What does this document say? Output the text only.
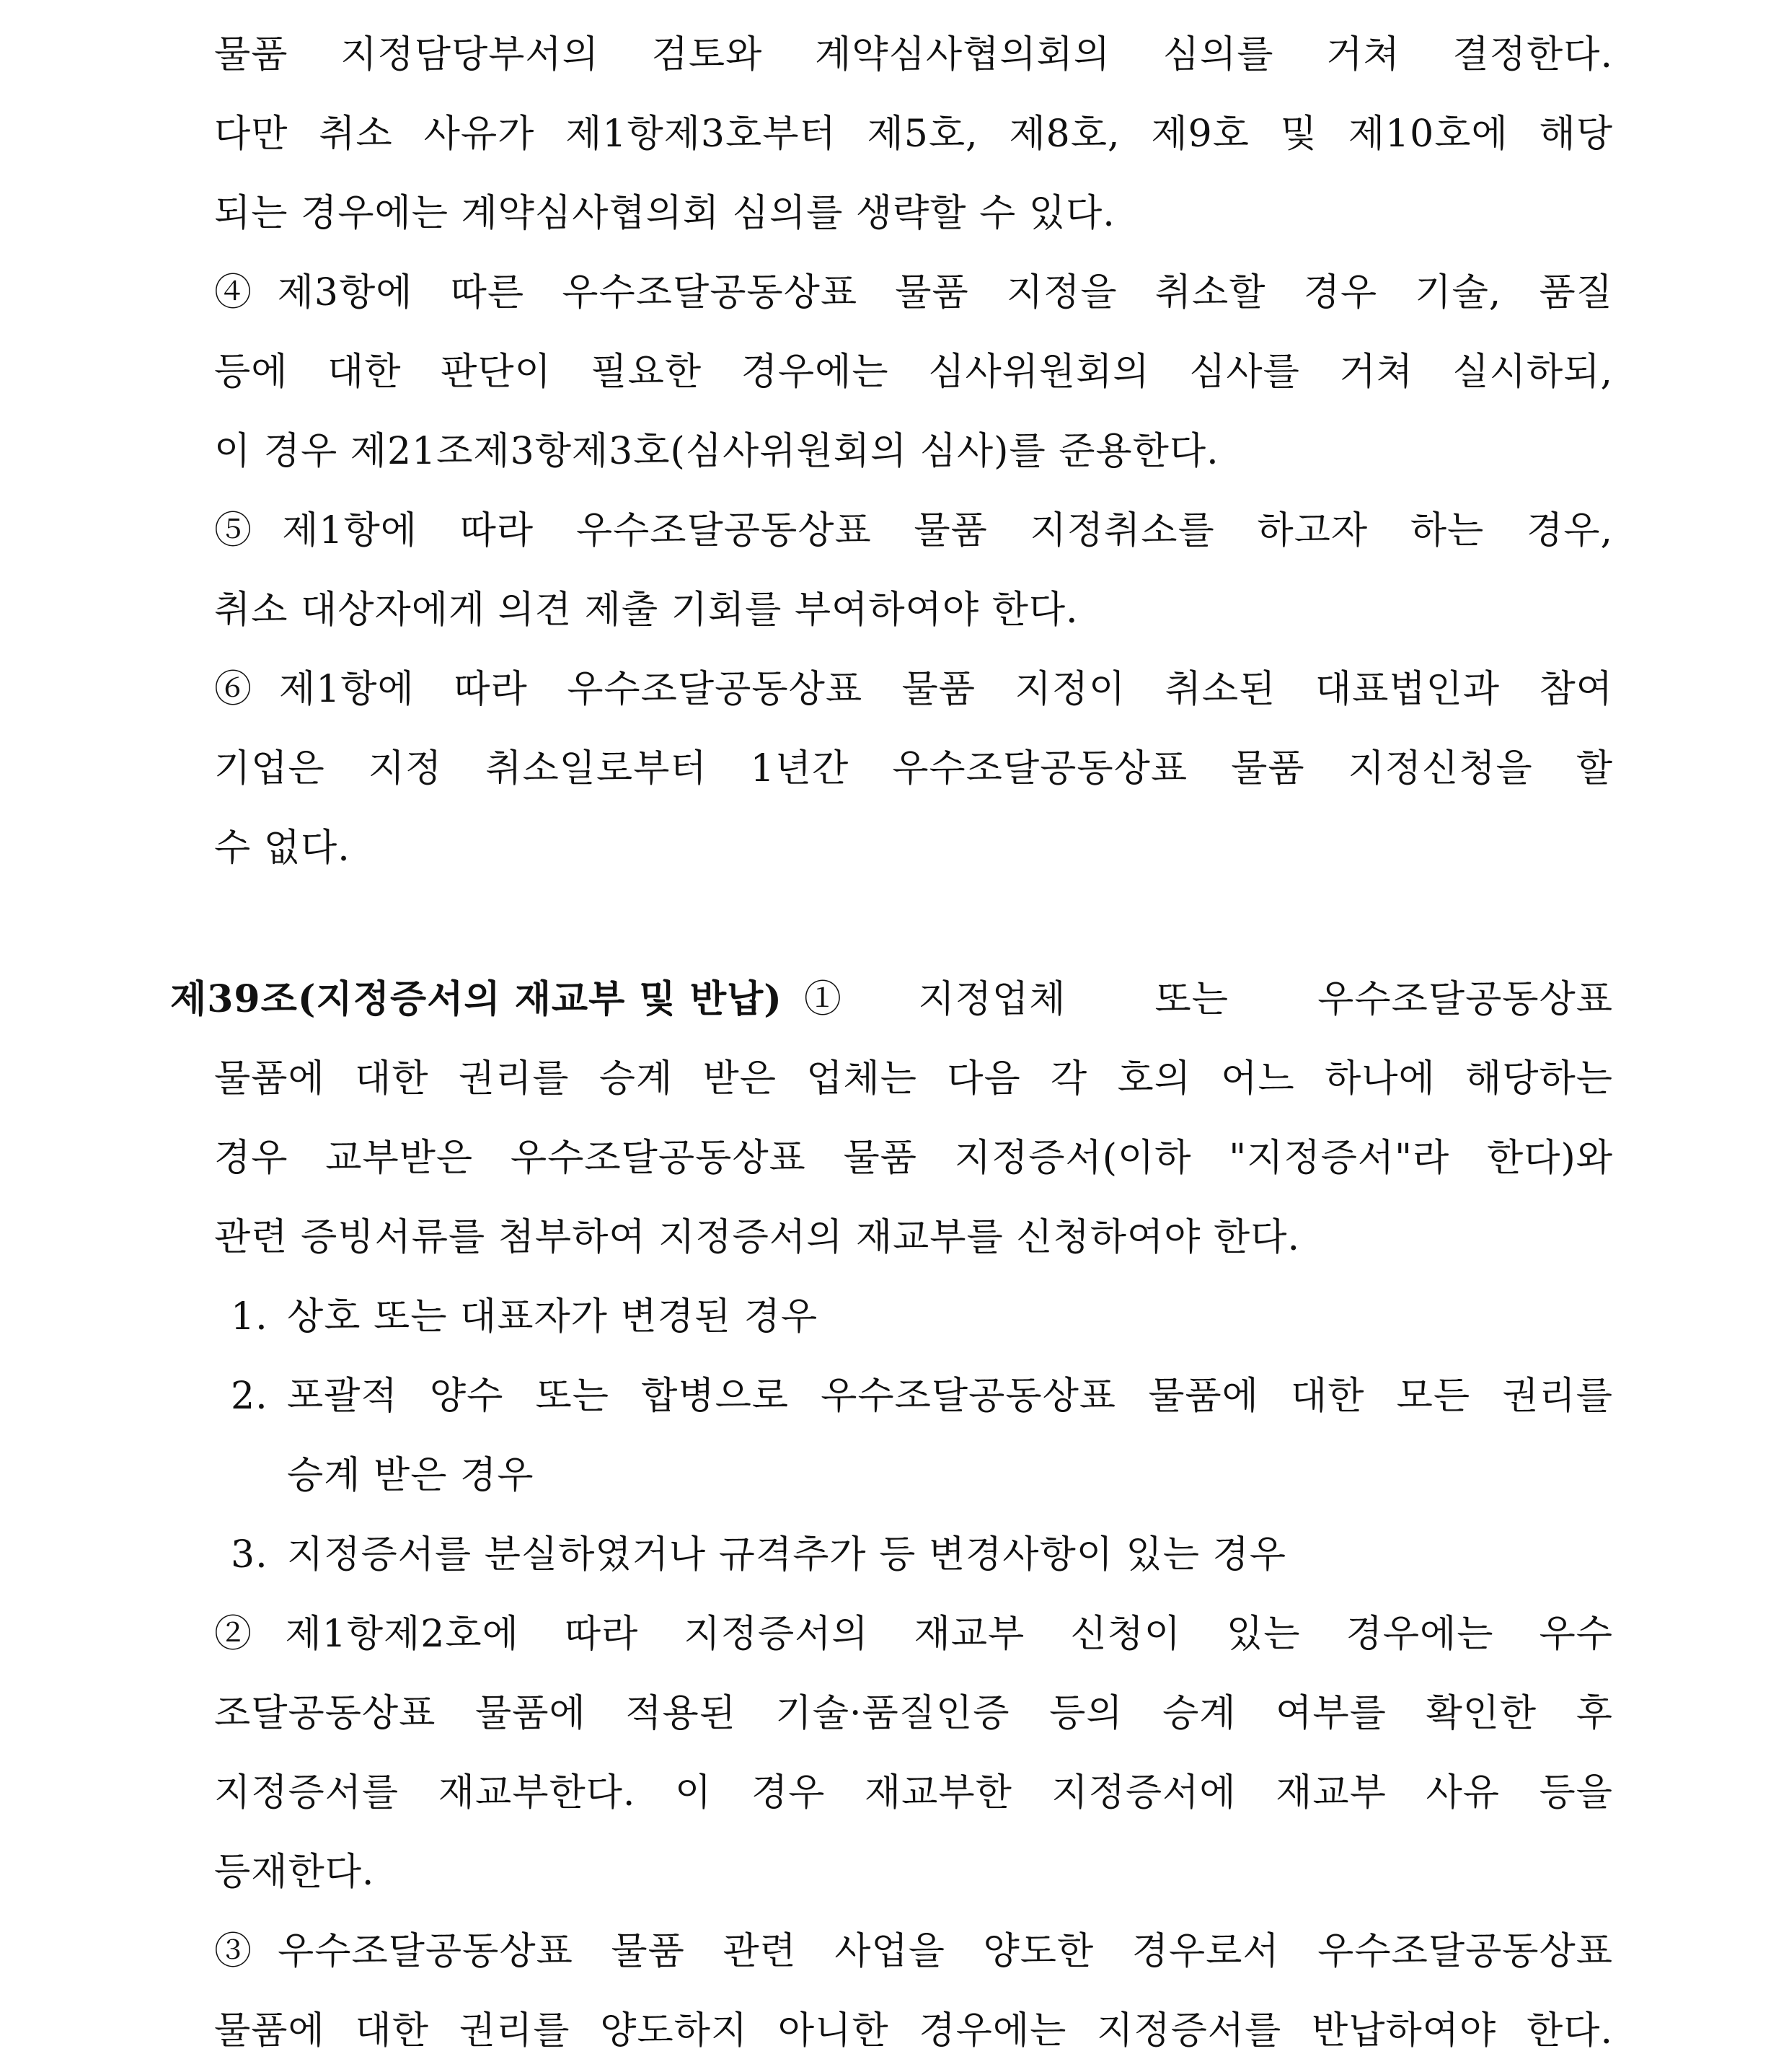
물품 지정담당부서의 검토와 계약심사협의회의 심의를 거쳐 결정한다.
다만 취소 사유가 제1항제3호부터 제5호, 제8호, 제9호 및 제10호에 해당
되는 경우에는 계약심사협의회 심의를 생략할 수 있다.
④제3항에 따른 우수조달공동상표 물품 지정을 취소할 경우 기술, 품질
등에 대한 판단이 필요한 경우에는 심사위원회의 심사를 거쳐 실시하되,
이 경우 제21조제3항제3호(심사위원회의 심사)를 준용한다.
⑤제1항에 따라 우수조달공동상표 물품 지정취소를 하고자 하는 경우,
취소 대상자에게 의견 제출 기회를 부여하여야 한다.
⑥제1항에 따라 우수조달공동상표 물품 지정이 취소된 대표법인과 참여
기업은 지정 취소일로부터 1년간 우수조달공동상표 물품 지정신청을 할
수 없다.
제39조(지정증서의 재교부 및 반납) ①지정업체 또는 우수조달공동상표
물품에 대한 권리를 승계 받은 업체는 다음 각 호의 어느 하나에 해당하는
경우 교부받은 우수조달공동상표 물품 지정증서(이하 "지정증서"라 한다)와
관련 증빙서류를 첨부하여 지정증서의 재교부를 신청하여야 한다.
1. 상호 또는 대표자가 변경된 경우
2. 포괄적 양수 또는 합병으로 우수조달공동상표 물품에 대한 모든 권리를
승계 받은 경우
3. 지정증서를 분실하였거나 규격추가 등 변경사항이 있는 경우
②제1항제2호에 따라 지정증서의 재교부 신청이 있는 경우에는 우수
조달공동상표 물품에 적용된 기술·품질인증 등의 승계 여부를 확인한 후
지정증서를 재교부한다. 이 경우 재교부한 지정증서에 재교부 사유 등을
등재한다.
③우수조달공동상표 물품 관련 사업을 양도한 경우로서 우수조달공동상표
물품에 대한 권리를 양도하지 아니한 경우에는 지정증서를 반납하여야 한다.
